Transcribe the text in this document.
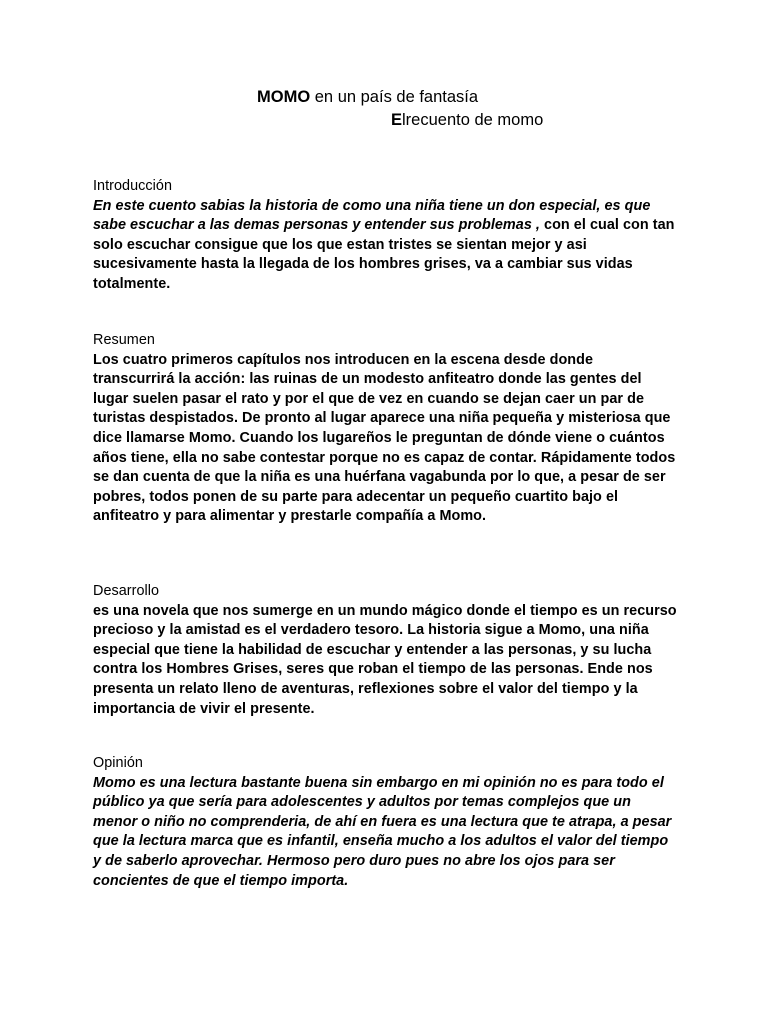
MOMO en un país de fantasía
Elrecuento de momo
Introducción
En este cuento sabias la historia de como una niña tiene un don especial, es que sabe escuchar a las demas personas y entender sus problemas , con el cual con tan solo escuchar consigue que los que estan tristes se sientan mejor y asi sucesivamente hasta la llegada de los hombres grises, va a cambiar sus vidas totalmente.
Resumen
Los cuatro primeros capítulos nos introducen en la escena desde donde transcurrirá la acción: las ruinas de un modesto anfiteatro donde las gentes del lugar suelen pasar el rato y por el que de vez en cuando se dejan caer un par de turistas despistados. De pronto al lugar aparece una niña pequeña y misteriosa que dice llamarse Momo. Cuando los lugareños le preguntan de dónde viene o cuántos años tiene, ella no sabe contestar porque no es capaz de contar. Rápidamente todos se dan cuenta de que la niña es una huérfana vagabunda por lo que, a pesar de ser pobres, todos ponen de su parte para adecentar un pequeño cuartito bajo el anfiteatro y para alimentar y prestarle compañía a Momo.
Desarrollo
es una novela que nos sumerge en un mundo mágico donde el tiempo es un recurso precioso y la amistad es el verdadero tesoro. La historia sigue a Momo, una niña especial que tiene la habilidad de escuchar y entender a las personas, y su lucha contra los Hombres Grises, seres que roban el tiempo de las personas. Ende nos presenta un relato lleno de aventuras, reflexiones sobre el valor del tiempo y la importancia de vivir el presente.
Opinión
Momo es una lectura bastante buena sin embargo en mi opinión no es para todo el público ya que sería para adolescentes y adultos por temas complejos que un menor o niño no comprenderia, de ahí en fuera es una lectura que te atrapa, a pesar que la lectura marca que es infantil, enseña mucho a los adultos el valor del tiempo y de saberlo aprovechar. Hermoso pero duro pues no abre los ojos para ser concientes de que el tiempo importa.
